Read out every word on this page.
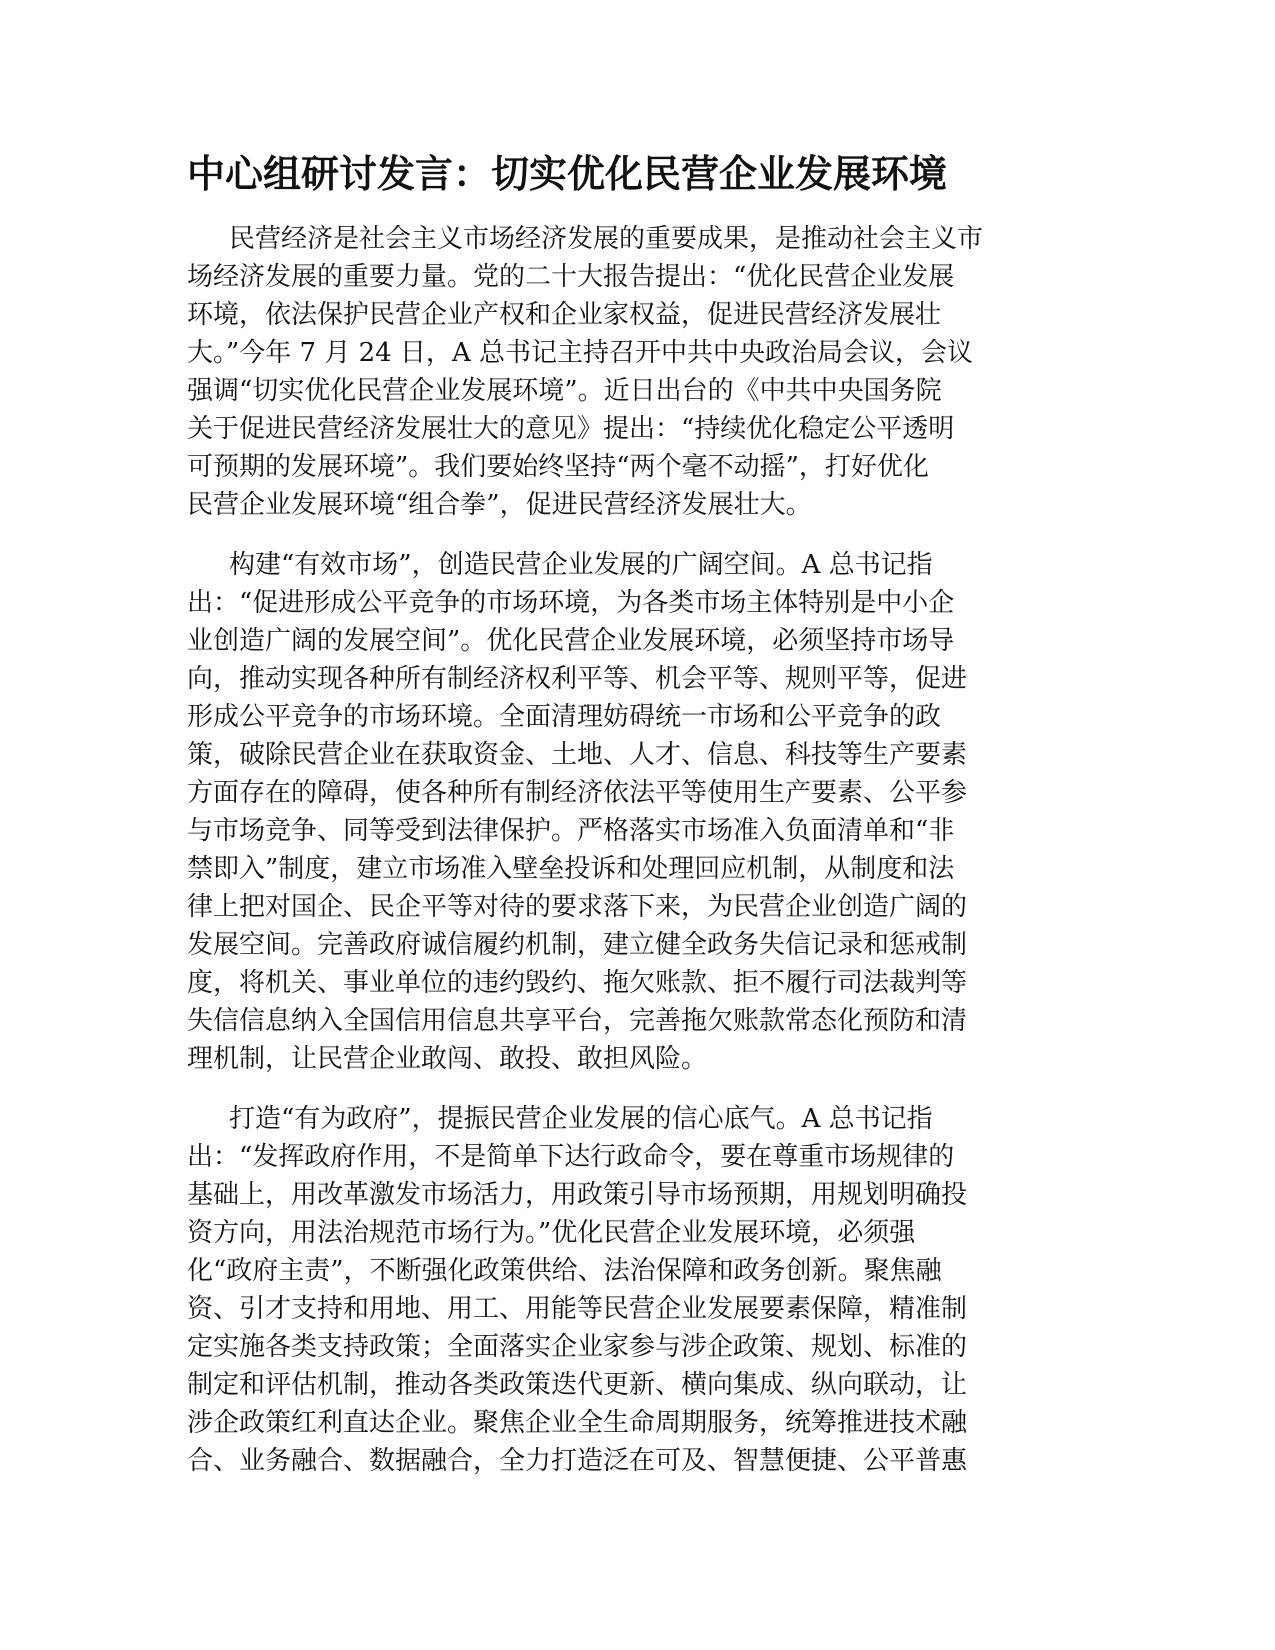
中心组研讨发言：切实优化民营企业发展环境

民营经济是社会主义市场经济发展的重要成果，是推动社会主义市
场经济发展的重要力量。党的二十大报告提出：“优化民营企业发展
环境，依法保护民营企业产权和企业家权益，促进民营经济发展壮
大。”今年 7 月 24 日，A 总书记主持召开中共中央政治局会议，会议
强调“切实优化民营企业发展环境”。近日出台的《中共中央国务院
关于促进民营经济发展壮大的意见》提出：“持续优化稳定公平透明
可预期的发展环境”。我们要始终坚持“两个毫不动摇”，打好优化
民营企业发展环境“组合拳”，促进民营经济发展壮大。

构建“有效市场”，创造民营企业发展的广阔空间。A 总书记指
出：“促进形成公平竞争的市场环境，为各类市场主体特别是中小企
业创造广阔的发展空间”。优化民营企业发展环境，必须坚持市场导
向，推动实现各种所有制经济权利平等、机会平等、规则平等，促进
形成公平竞争的市场环境。全面清理妨碍统一市场和公平竞争的政
策，破除民营企业在获取资金、土地、人才、信息、科技等生产要素
方面存在的障碍，使各种所有制经济依法平等使用生产要素、公平参
与市场竞争、同等受到法律保护。严格落实市场准入负面清单和“非
禁即入”制度，建立市场准入壁垒投诉和处理回应机制，从制度和法
律上把对国企、民企平等对待的要求落下来，为民营企业创造广阔的
发展空间。完善政府诚信履约机制，建立健全政务失信记录和惩戒制
度，将机关、事业单位的违约毁约、拖欠账款、拒不履行司法裁判等
失信信息纳入全国信用信息共享平台，完善拖欠账款常态化预防和清
理机制，让民营企业敢闯、敢投、敢担风险。

打造“有为政府”，提振民营企业发展的信心底气。A 总书记指
出：“发挥政府作用，不是简单下达行政命令，要在尊重市场规律的
基础上，用改革激发市场活力，用政策引导市场预期，用规划明确投
资方向，用法治规范市场行为。”优化民营企业发展环境，必须强
化“政府主责”，不断强化政策供给、法治保障和政务创新。聚焦融
资、引才支持和用地、用工、用能等民营企业发展要素保障，精准制
定实施各类支持政策；全面落实企业家参与涉企政策、规划、标准的
制定和评估机制，推动各类政策迭代更新、横向集成、纵向联动，让
涉企政策红利直达企业。聚焦企业全生命周期服务，统筹推进技术融
合、业务融合、数据融合，全力打造泛在可及、智慧便捷、公平普惠
